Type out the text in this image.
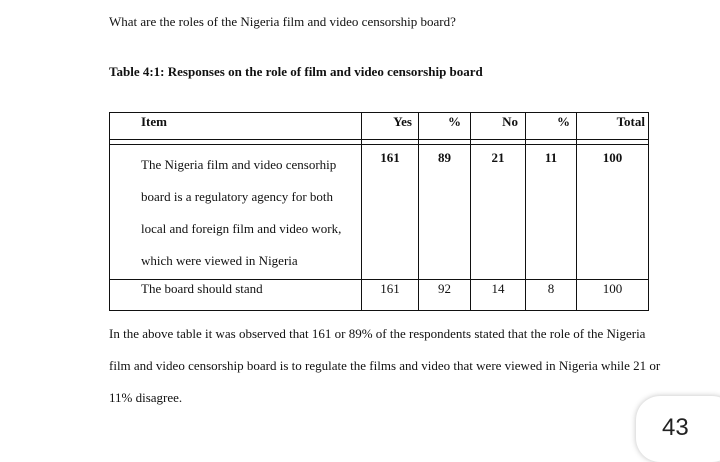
What are the roles of the Nigeria film and video censorship board?
Table 4:1: Responses on the role of film and video censorship board
Item	Yes	%	No	%	Total

The Nigeria film and video censorhip
board is a regulatory agency for both
local and foreign film and video work,
which were viewed in Nigeria	161	89	21	11	100

The board should stand	161	92	14	8	100
In the above table it was observed that 161 or 89% of the respondents stated that the role of the Nigeria film and video censorship board is to regulate the films and video that were viewed in Nigeria while 21 or 11% disagree.
43
